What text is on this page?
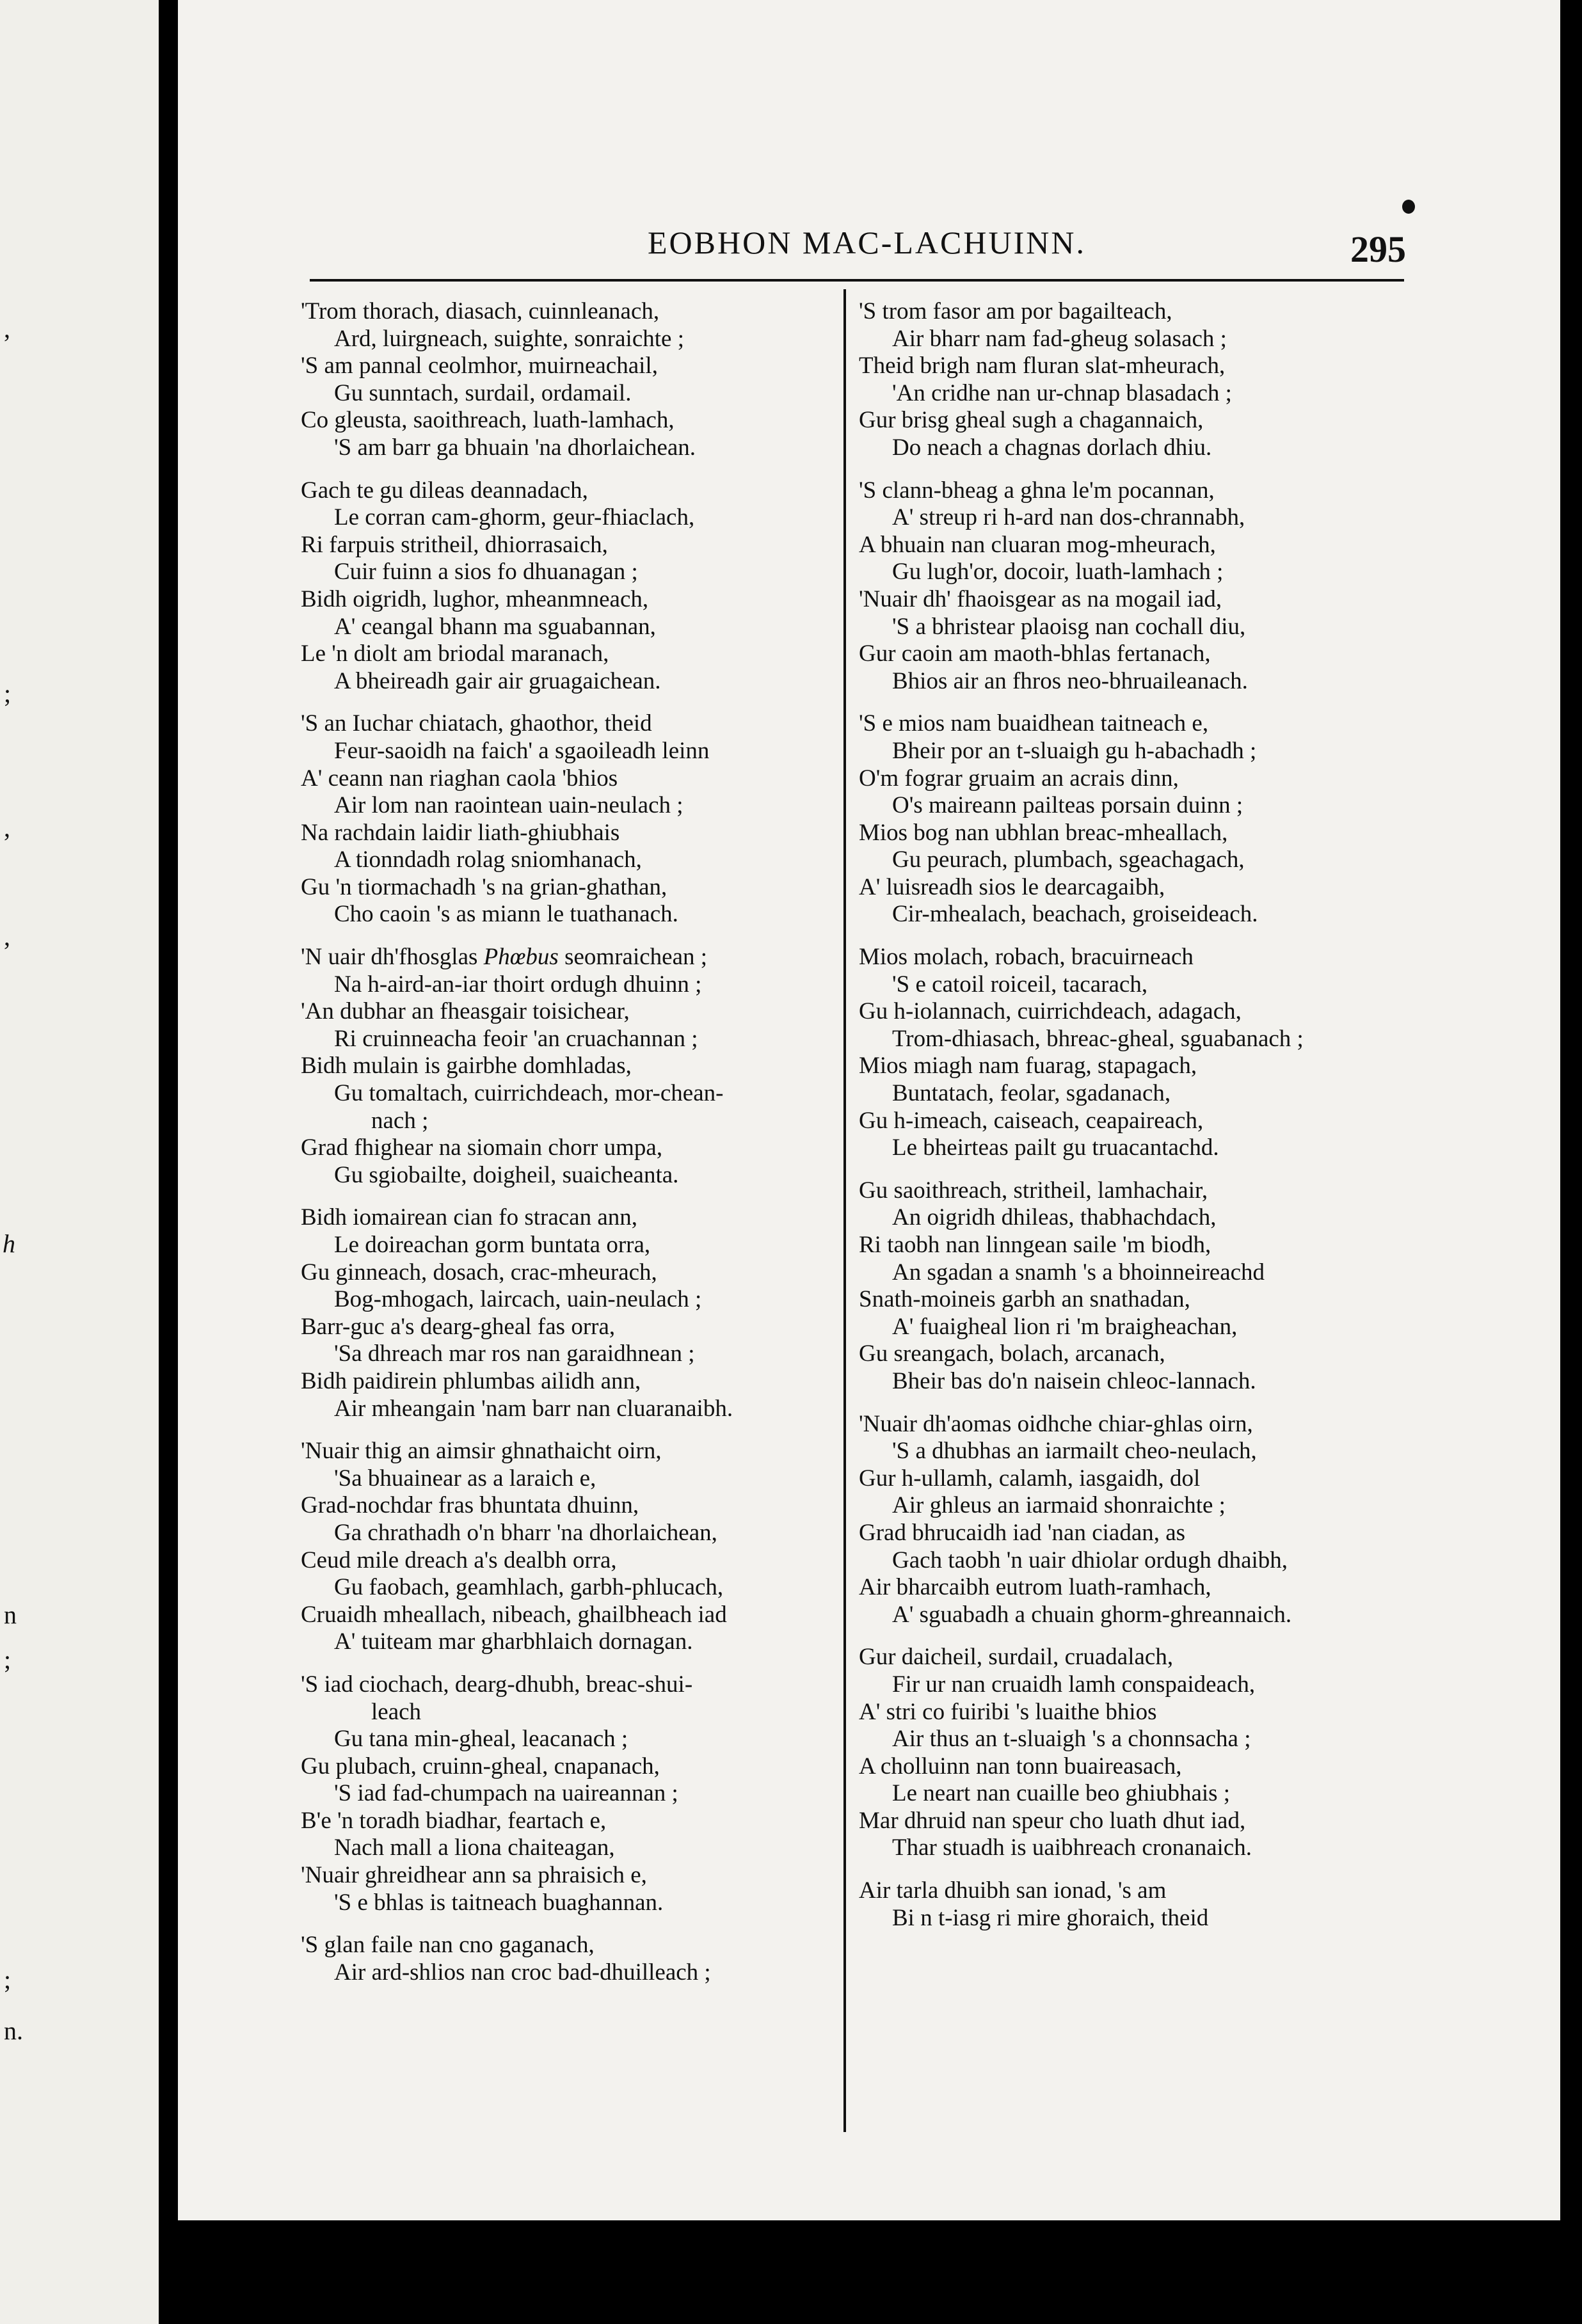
EOBHON MAC-LACHUINN.	295
,
;
,
,
h
n
;
;
n.
'Trom thorach, diasach, cuinnleanach,
Ard, luirgneach, suighte, sonraichte ;
'S am pannal ceolmhor, muirneachail,
Gu sunntach, surdail, ordamail.
Co gleusta, saoithreach, luath-lamhach,
'S am barr ga bhuain 'na dhorlaichean.
Gach te gu dileas deannadach,
Le corran cam-ghorm, geur-fhiaclach,
Ri farpuis stritheil, dhiorrasaich,
Cuir fuinn a sios fo dhuanagan ;
Bidh oigridh, lughor, mheanmneach,
A' ceangal bhann ma sguabannan,
Le 'n diolt am briodal maranach,
A bheireadh gair air gruagaichean.
'S an Iuchar chiatach, ghaothor, theid
Feur-saoidh na faich' a sgaoileadh leinn
A' ceann nan riaghan caola 'bhios
Air lom nan raointean uain-neulach ;
Na rachdain laidir liath-ghiubhais
A tionndadh rolag sniomhanach,
Gu 'n tiormachadh 's na grian-ghathan,
Cho caoin 's as miann le tuathanach.
'N uair dh'fhosglas Phœbus seomraichean ;
Na h-aird-an-iar thoirt ordugh dhuinn ;
'An dubhar an fheasgair toisichear,
Ri cruinneacha feoir 'an cruachannan ;
Bidh mulain is gairbhe domhladas,
Gu tomaltach, cuirrichdeach, mor-chean-
nach ;
Grad fhighear na siomain chorr umpa,
Gu sgiobailte, doigheil, suaicheanta.
Bidh iomairean cian fo stracan ann,
Le doireachan gorm buntata orra,
Gu ginneach, dosach, crac-mheurach,
Bog-mhogach, laircach, uain-neulach ;
Barr-guc a's dearg-gheal fas orra,
'Sa dhreach mar ros nan garaidhnean ;
Bidh paidirein phlumbas ailidh ann,
Air mheangain 'nam barr nan cluaranaibh.
'Nuair thig an aimsir ghnathaicht oirn,
'Sa bhuainear as a laraich e,
Grad-nochdar fras bhuntata dhuinn,
Ga chrathadh o'n bharr 'na dhorlaichean,
Ceud mile dreach a's dealbh orra,
Gu faobach, geamhlach, garbh-phlucach,
Cruaidh mheallach, nibeach, ghailbheach iad
A' tuiteam mar gharbhlaich dornagan.
'S iad ciochach, dearg-dhubh, breac-shui-
leach
Gu tana min-gheal, leacanach ;
Gu plubach, cruinn-gheal, cnapanach,
'S iad fad-chumpach na uaireannan ;
B'e 'n toradh biadhar, feartach e,
Nach mall a liona chaiteagan,
'Nuair ghreidhear ann sa phraisich e,
'S e bhlas is taitneach buaghannan.
'S glan faile nan cno gaganach,
Air ard-shlios nan croc bad-dhuilleach ;
'S trom fasor am por bagailteach,
Air bharr nam fad-gheug solasach ;
Theid brigh nam fluran slat-mheurach,
'An cridhe nan ur-chnap blasadach ;
Gur brisg gheal sugh a chagannaich,
Do neach a chagnas dorlach dhiu.
'S clann-bheag a ghna le'm pocannan,
A' streup ri h-ard nan dos-chrannabh,
A bhuain nan cluaran mog-mheurach,
Gu lugh'or, docoir, luath-lamhach ;
'Nuair dh' fhaoisgear as na mogail iad,
'S a bhristear plaoisg nan cochall diu,
Gur caoin am maoth-bhlas fertanach,
Bhios air an fhros neo-bhruaileanach.
'S e mios nam buaidhean taitneach e,
Bheir por an t-sluaigh gu h-abachadh ;
O'm fograr gruaim an acrais dinn,
O's maireann pailteas porsain duinn ;
Mios bog nan ubhlan breac-mheallach,
Gu peurach, plumbach, sgeachagach,
A' luisreadh sios le dearcagaibh,
Cir-mhealach, beachach, groiseideach.
Mios molach, robach, bracuirneach
'S e catoil roiceil, tacarach,
Gu h-iolannach, cuirrichdeach, adagach,
Trom-dhiasach, bhreac-gheal, sguabanach ;
Mios miagh nam fuarag, stapagach,
Buntatach, feolar, sgadanach,
Gu h-imeach, caiseach, ceapaireach,
Le bheirteas pailt gu truacantachd.
Gu saoithreach, stritheil, lamhachair,
An oigridh dhileas, thabhachdach,
Ri taobh nan linngean saile 'm biodh,
An sgadan a snamh 's a bhoinneireachd
Snath-moineis garbh an snathadan,
A' fuaigheal lion ri 'm braigheachan,
Gu sreangach, bolach, arcanach,
Bheir bas do'n naisein chleoc-lannach.
'Nuair dh'aomas oidhche chiar-ghlas oirn,
'S a dhubhas an iarmailt cheo-neulach,
Gur h-ullamh, calamh, iasgaidh, dol
Air ghleus an iarmaid shonraichte ;
Grad bhrucaidh iad 'nan ciadan, as
Gach taobh 'n uair dhiolar ordugh dhaibh,
Air bharcaibh eutrom luath-ramhach,
A' sguabadh a chuain ghorm-ghreannaich.
Gur daicheil, surdail, cruadalach,
Fir ur nan cruaidh lamh conspaideach,
A' stri co fuiribi 's luaithe bhios
Air thus an t-sluaigh 's a chonnsacha ;
A cholluinn nan tonn buaireasach,
Le neart nan cuaille beo ghiubhais ;
Mar dhruid nan speur cho luath dhut iad,
Thar stuadh is uaibhreach cronanaich.
Air tarla dhuibh san ionad, 's am
Bi n t-iasg ri mire ghoraich, theid
